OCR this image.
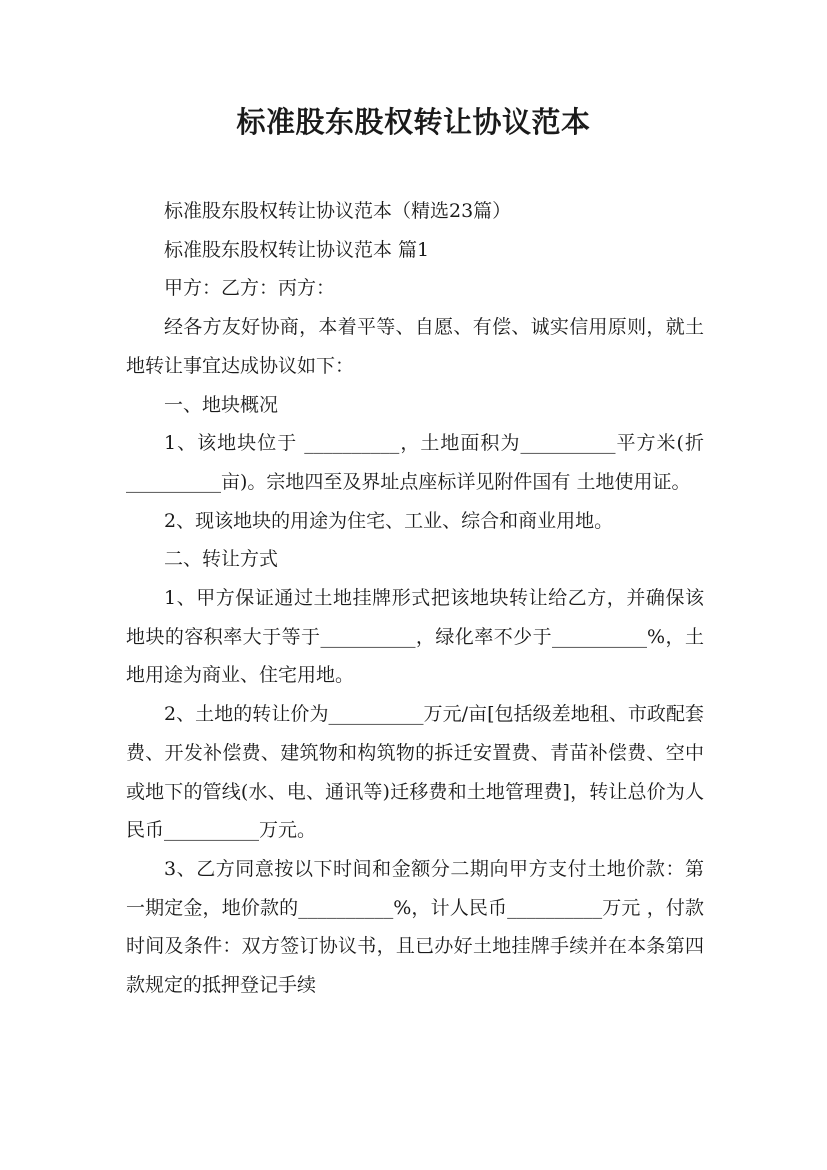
标准股东股权转让协议范本

标准股东股权转让协议范本（精选23篇）

标准股东股权转让协议范本 篇1

甲方：乙方：丙方：

经各方友好协商，本着平等、自愿、有偿、诚实信用原则，就土地转让事宜达成协议如下：

一、地块概况

1、该地块位于 __________，土地面积为__________平方米(折__________亩)。宗地四至及界址点座标详见附件国有 土地使用证。

2、现该地块的用途为住宅、工业、综合和商业用地。

二、转让方式

1、甲方保证通过土地挂牌形式把该地块转让给乙方，并确保该地块的容积率大于等于__________，绿化率不少于__________%，土地用途为商业、住宅用地。

2、土地的转让价为__________万元/亩[包括级差地租、市政配套费、开发补偿费、建筑物和构筑物的拆迁安置费、青苗补偿费、空中或地下的管线(水、电、通讯等)迁移费和土地管理费]，转让总价为人民币__________万元。

3、乙方同意按以下时间和金额分二期向甲方支付土地价款：第一期定金，地价款的__________%，计人民币__________万元 ，付款时间及条件：双方签订协议书，且已办好土地挂牌手续并在本条第四款规定的抵押登记手续
